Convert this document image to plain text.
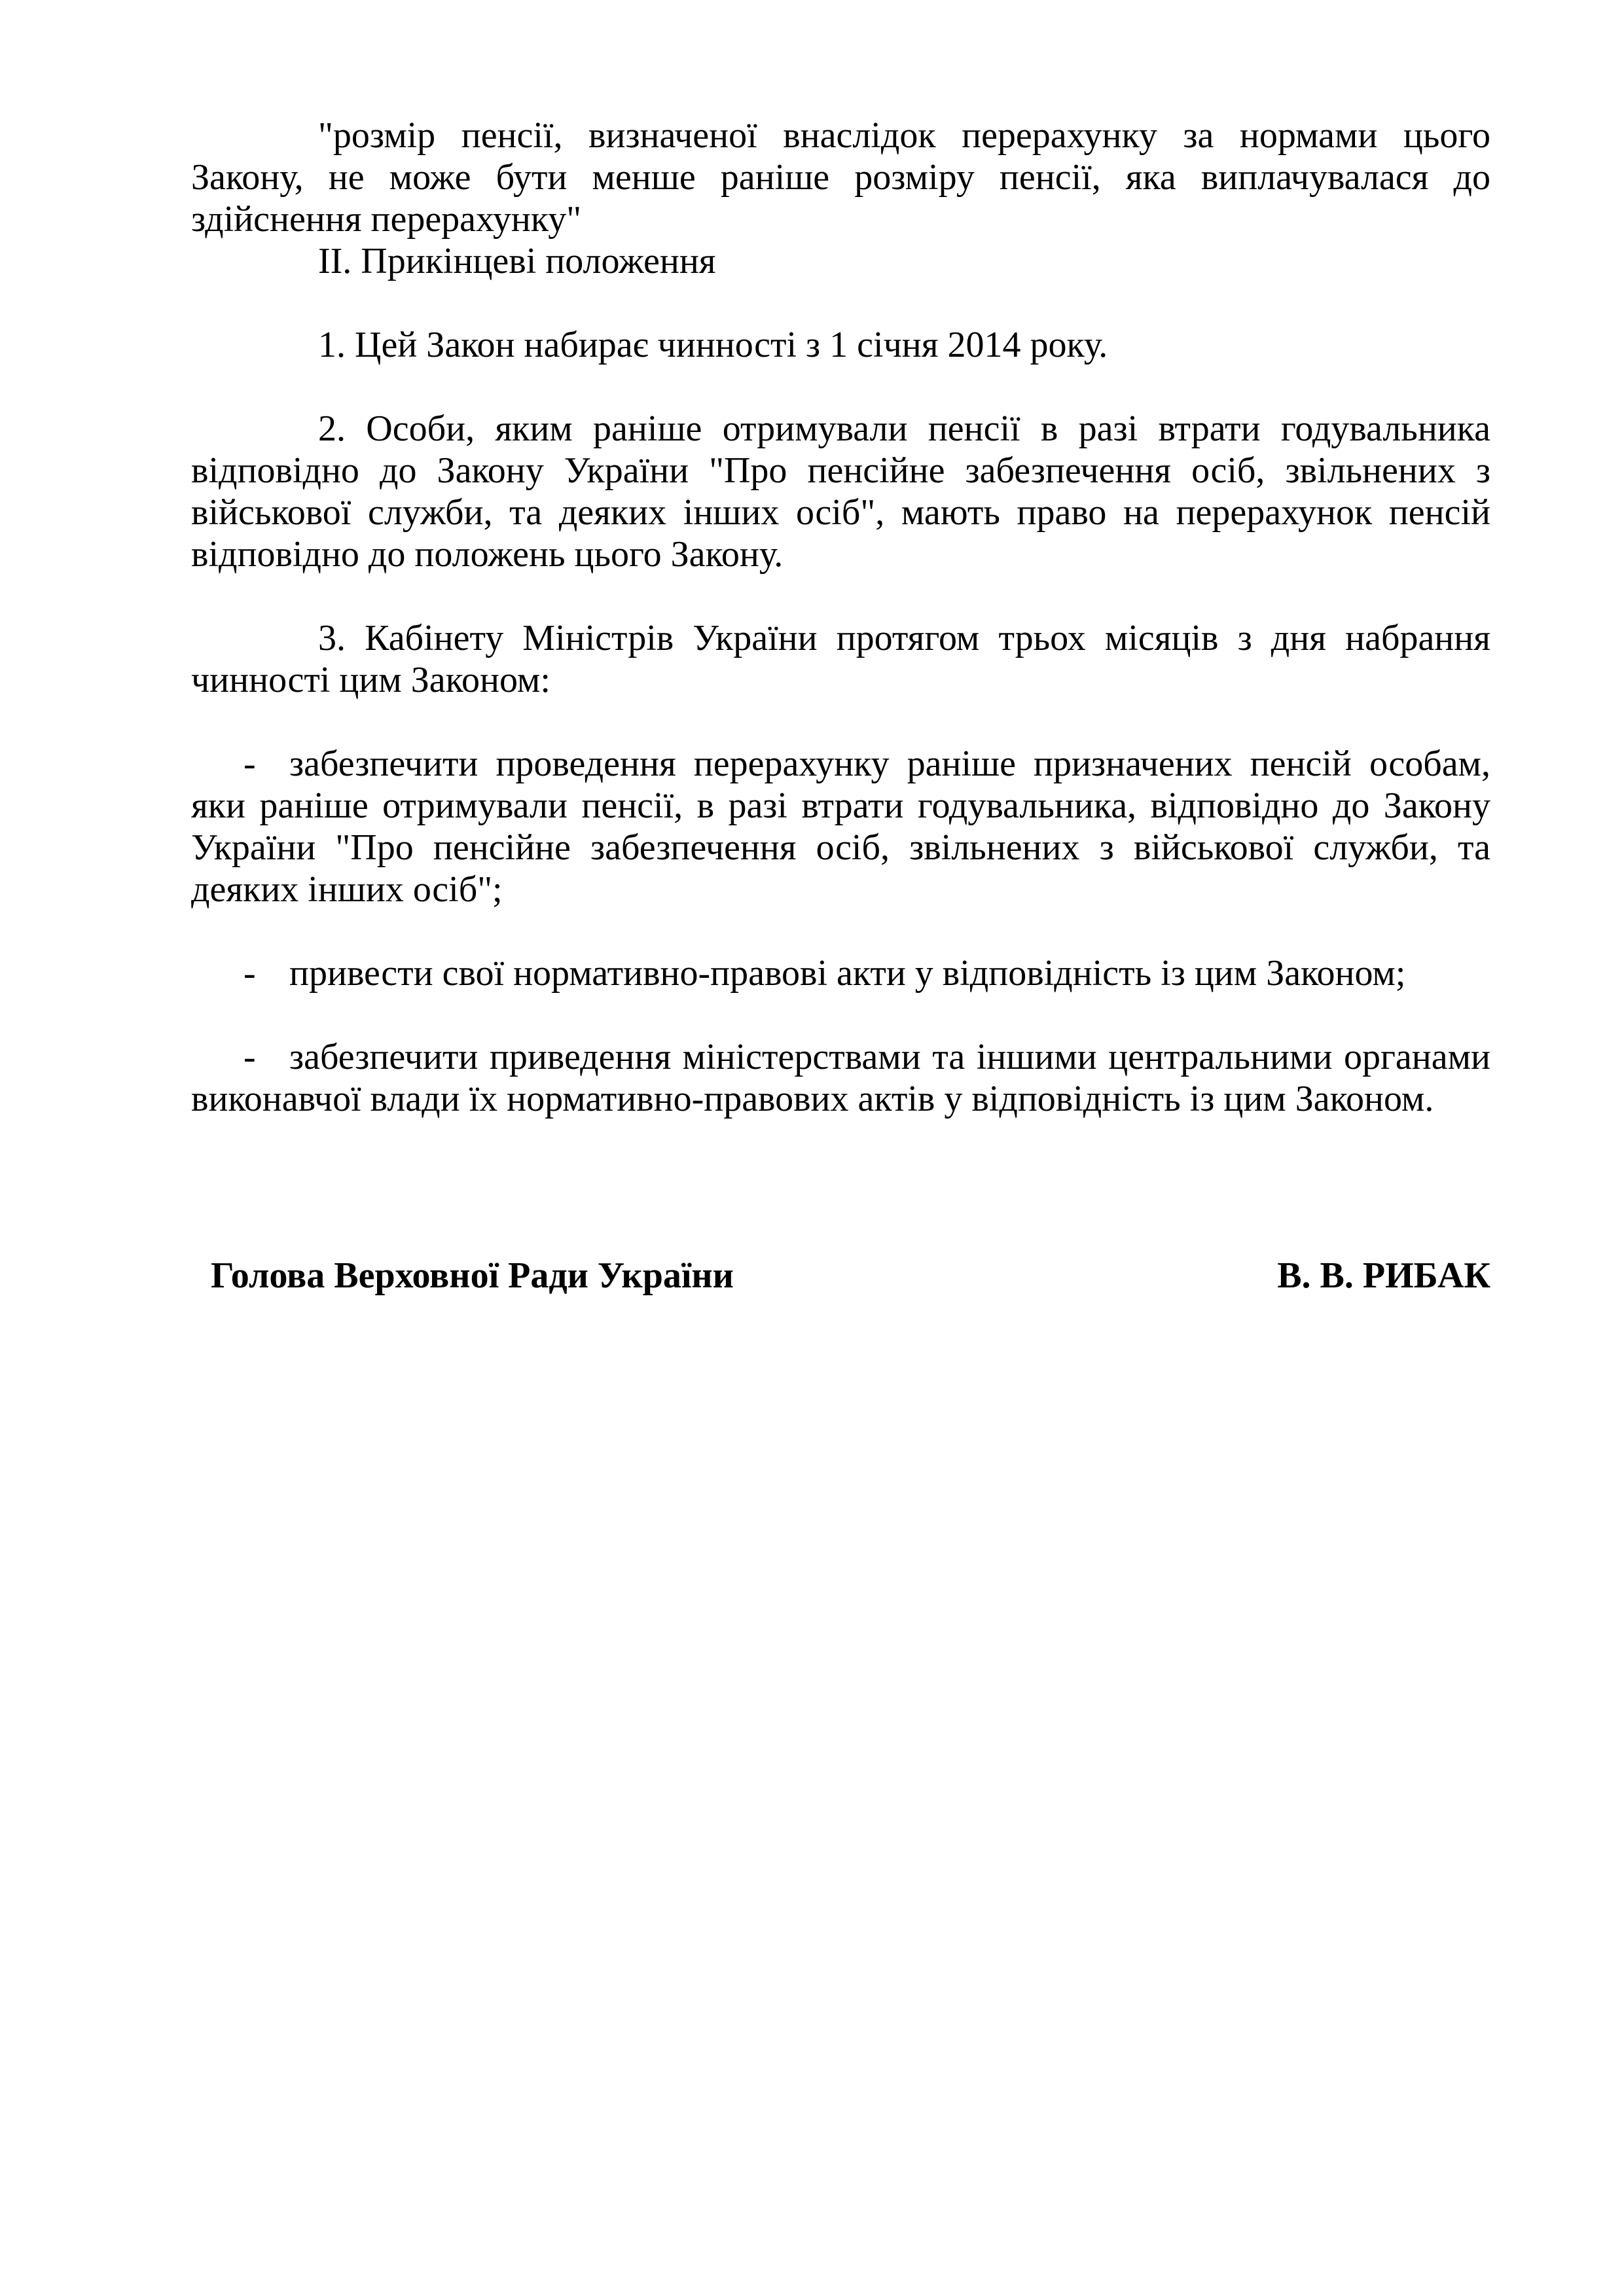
"розмір пенсії, визначеної внаслідок перерахунку за нормами цього Закону, не може бути менше раніше розміру пенсії, яка виплачувалася до здійснення перерахунку"

ІІ. Прикінцеві положення

1. Цей Закон набирає чинності з 1 січня 2014 року.

2. Особи, яким раніше отримували пенсії в разі втрати годувальника відповідно до Закону України "Про пенсійне забезпечення осіб, звільнених з військової служби, та деяких інших осіб", мають право на перерахунок пенсій відповідно до положень цього Закону.

3. Кабінету Міністрів України протягом трьох місяців з дня набрання чинності цим Законом:

- забезпечити проведення перерахунку раніше призначених пенсій особам, яки раніше отримували пенсії, в разі втрати годувальника, відповідно до Закону України "Про пенсійне забезпечення осіб, звільнених з військової служби, та деяких інших осіб";

- привести свої нормативно-правові акти у відповідність із цим Законом;

- забезпечити приведення міністерствами та іншими центральними органами виконавчої влади їх нормативно-правових актів у відповідність із цим Законом.

Голова Верховної Ради України	В. В. РИБАК
